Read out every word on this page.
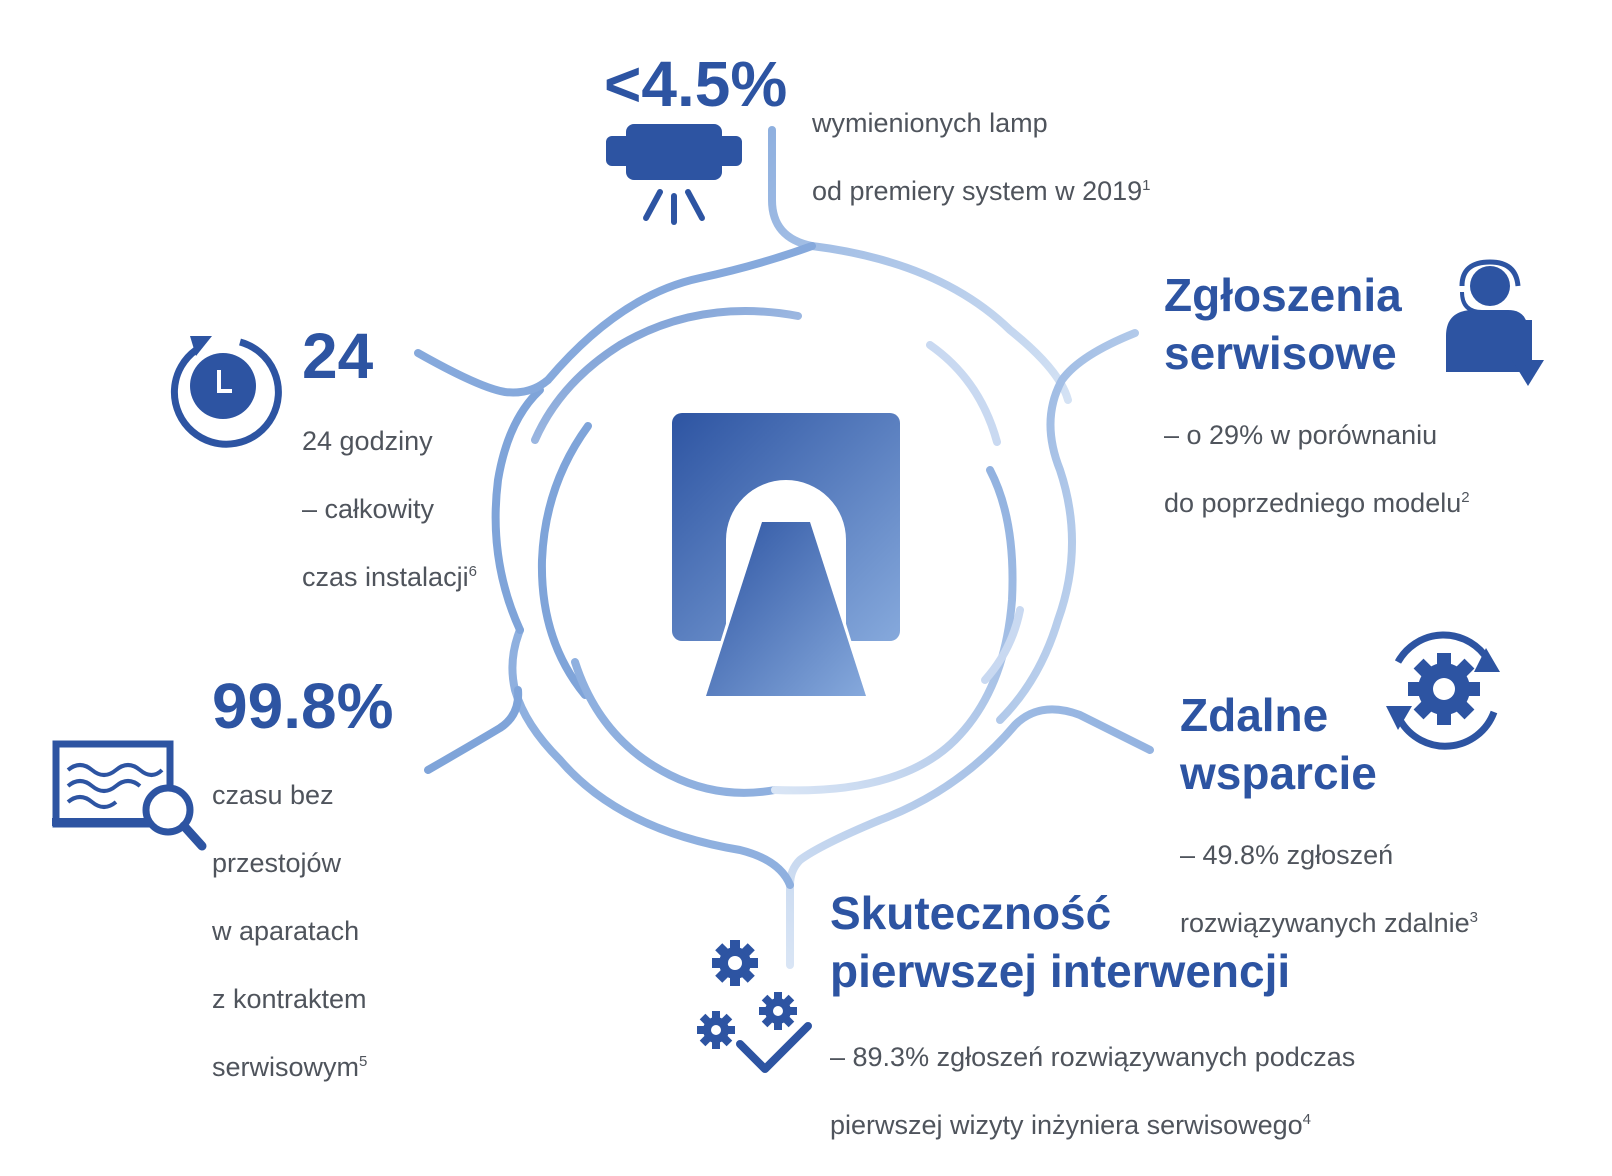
<4.5%

wymienionych lamp

od premiery system w 2019$^1$

Zgłoszenia
serwisowe

– o 29% w porównaniu

do poprzedniego modelu$^2$

Zdalne
wsparcie

– 49.8% zgłoszeń

rozwiązywanych zdalnie$^3$

Skuteczność
pierwszej interwencji

– 89.3% zgłoszeń rozwiązywanych podczas

pierwszej wizyty inżyniera serwisowego$^4$

99.8%

czasu bez

przestojów

w aparatach

z kontraktem

serwisowym$^5$

24

24 godziny

– całkowity

czas instalacji$^6$
